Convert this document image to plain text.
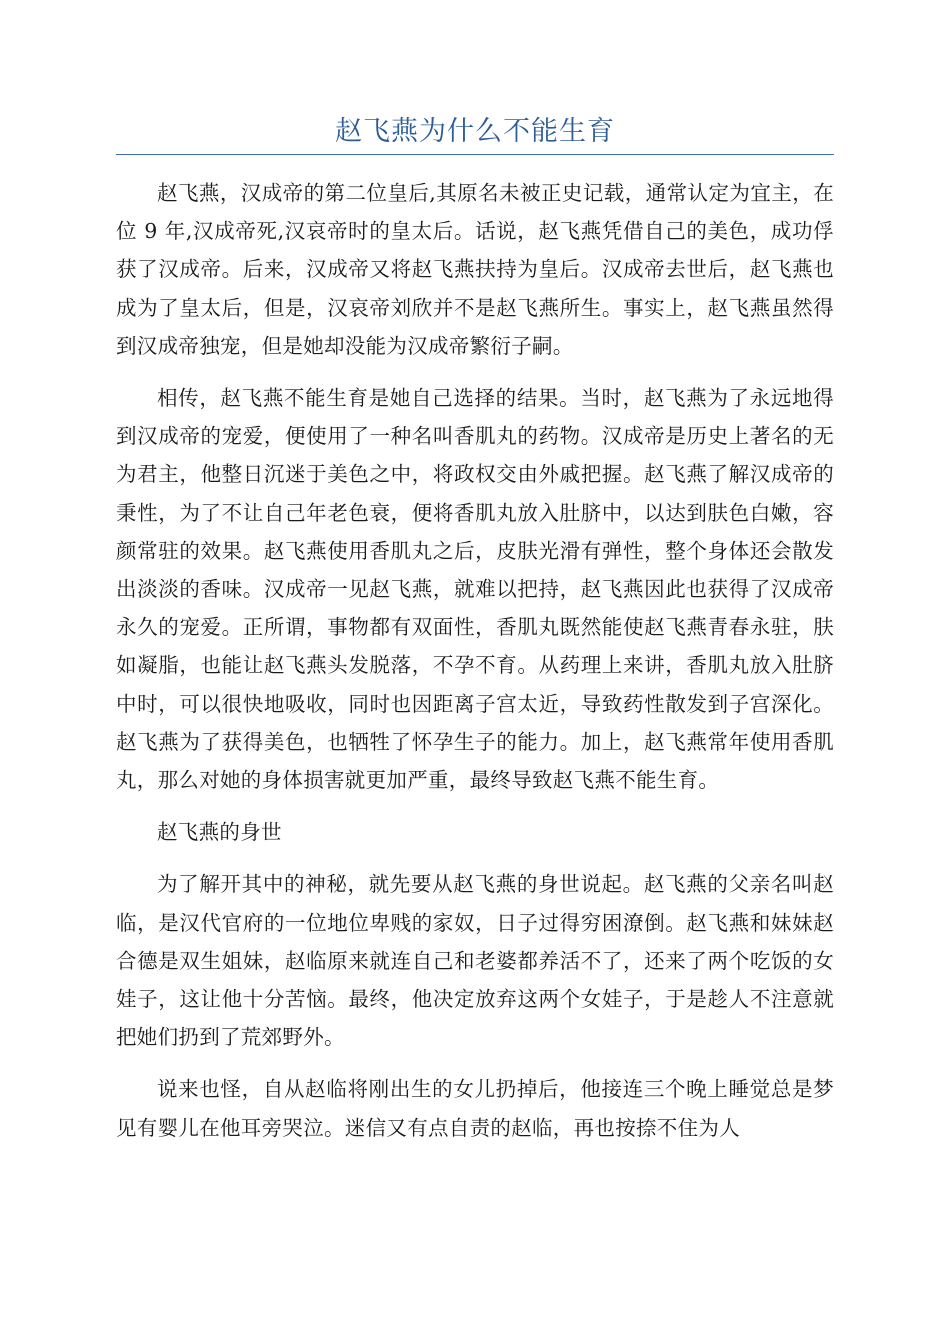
赵飞燕为什么不能生育

赵飞燕，汉成帝的第二位皇后,其原名未被正史记载，通常认定为宜主，在位 9 年,汉成帝死,汉哀帝时的皇太后。话说，赵飞燕凭借自己的美色，成功俘获了汉成帝。后来，汉成帝又将赵飞燕扶持为皇后。汉成帝去世后，赵飞燕也成为了皇太后，但是，汉哀帝刘欣并不是赵飞燕所生。事实上，赵飞燕虽然得到汉成帝独宠，但是她却没能为汉成帝繁衍子嗣。

相传，赵飞燕不能生育是她自己选择的结果。当时，赵飞燕为了永远地得到汉成帝的宠爱，便使用了一种名叫香肌丸的药物。汉成帝是历史上著名的无为君主，他整日沉迷于美色之中，将政权交由外戚把握。赵飞燕了解汉成帝的秉性，为了不让自己年老色衰，便将香肌丸放入肚脐中，以达到肤色白嫩，容颜常驻的效果。赵飞燕使用香肌丸之后，皮肤光滑有弹性，整个身体还会散发出淡淡的香味。汉成帝一见赵飞燕，就难以把持，赵飞燕因此也获得了汉成帝永久的宠爱。正所谓，事物都有双面性，香肌丸既然能使赵飞燕青春永驻，肤如凝脂，也能让赵飞燕头发脱落，不孕不育。从药理上来讲，香肌丸放入肚脐中时，可以很快地吸收，同时也因距离子宫太近，导致药性散发到子宫深化。赵飞燕为了获得美色，也牺牲了怀孕生子的能力。加上，赵飞燕常年使用香肌丸，那么对她的身体损害就更加严重，最终导致赵飞燕不能生育。

赵飞燕的身世

为了解开其中的神秘，就先要从赵飞燕的身世说起。赵飞燕的父亲名叫赵临，是汉代官府的一位地位卑贱的家奴，日子过得穷困潦倒。赵飞燕和妹妹赵合德是双生姐妹，赵临原来就连自己和老婆都养活不了，还来了两个吃饭的女娃子，这让他十分苦恼。最终，他决定放弃这两个女娃子，于是趁人不注意就把她们扔到了荒郊野外。

说来也怪，自从赵临将刚出生的女儿扔掉后，他接连三个晚上睡觉总是梦见有婴儿在他耳旁哭泣。迷信又有点自责的赵临，再也按捺不住为人
